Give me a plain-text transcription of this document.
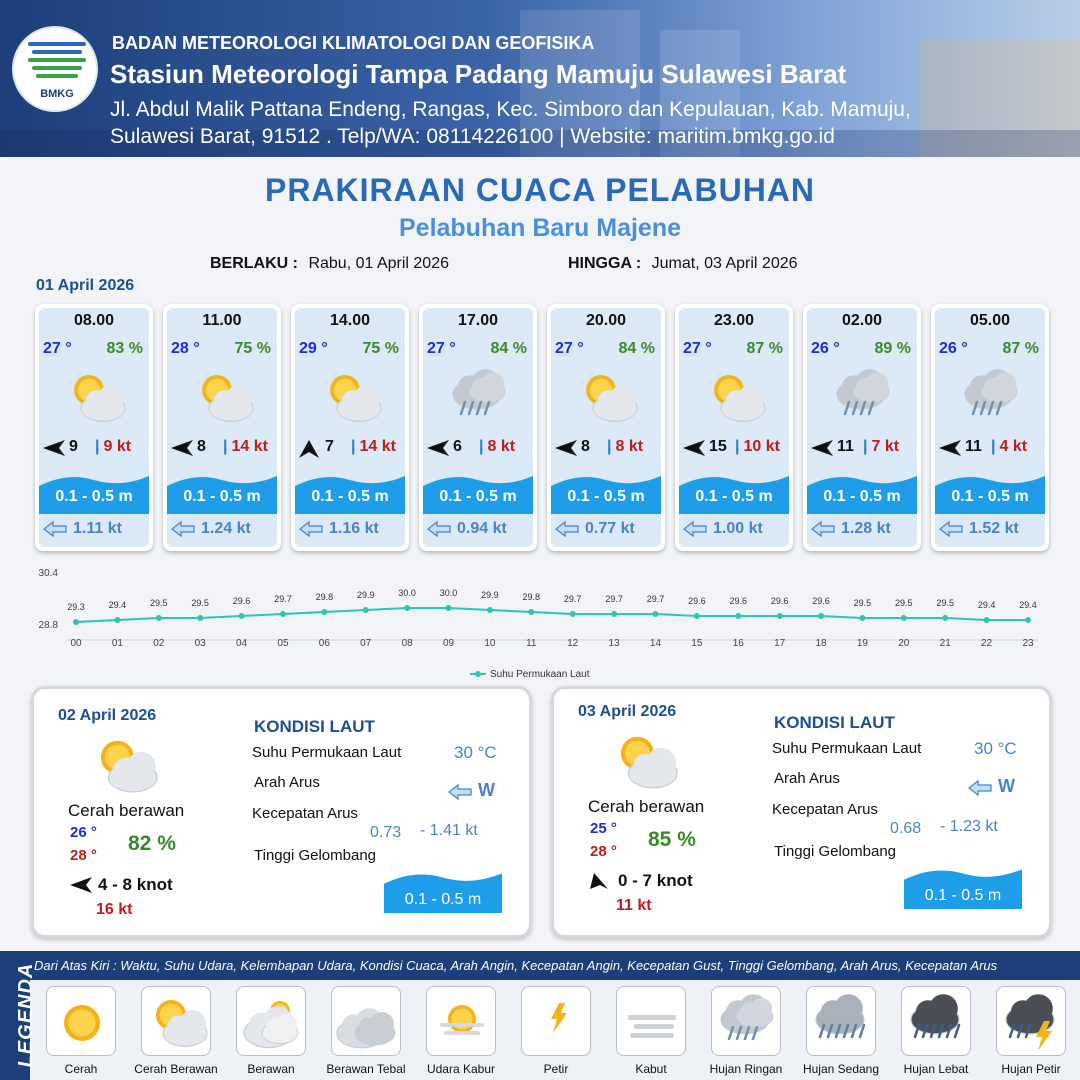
BMKG
BADAN METEOROLOGI KLIMATOLOGI DAN GEOFISIKA
Stasiun Meteorologi Tampa Padang Mamuju Sulawesi Barat
Jl. Abdul Malik Pattana Endeng, Rangas, Kec. Simboro dan Kepulauan, Kab. Mamuju,
Sulawesi Barat, 91512 . Telp/WA: 08114226100 | Website: maritim.bmkg.go.id
PRAKIRAAN CUACA PELABUHAN
Pelabuhan Baru Majene
BERLAKU : Rabu, 01 April 2026	HINGGA : Jumat, 03 April 2026
01 April 2026
08.00
27 ° 83 %
9 | 9 kt
0.1 - 0.5 m
1.11 kt
11.00
28 ° 75 %
8 | 14 kt
0.1 - 0.5 m
1.24 kt
14.00
29 ° 75 %
7 | 14 kt
0.1 - 0.5 m
1.16 kt
17.00
27 ° 84 %
6 | 8 kt
0.1 - 0.5 m
0.94 kt
20.00
27 ° 84 %
8 | 8 kt
0.1 - 0.5 m
0.77 kt
23.00
27 ° 87 %
15 | 10 kt
0.1 - 0.5 m
1.00 kt
02.00
26 ° 89 %
11 | 7 kt
0.1 - 0.5 m
1.28 kt
05.00
26 ° 87 %
11 | 4 kt
0.1 - 0.5 m
1.52 kt
30.4
28.8
29.3
00
29.4
01
29.5
02
29.5
03
29.6
04
29.7
05
29.8
06
29.9
07
30.0
08
30.0
09
29.9
10
29.8
11
29.7
12
29.7
13
29.7
14
29.6
15
29.6
16
29.6
17
29.6
18
29.5
19
29.5
20
29.5
21
29.4
22
29.4
23
Suhu Permukaan Laut
02 April 2026
Cerah berawan
26 °
28 °
82 %
4 - 8 knot
16 kt
KONDISI LAUT
Suhu Permukaan Laut	30 °C
Arah Arus	W
Kecepatan Arus
0.73 - 1.41 kt
Tinggi Gelombang
0.1 - 0.5 m
03 April 2026
Cerah berawan
25 °
28 °
85 %
0 - 7 knot
11 kt
KONDISI LAUT
Suhu Permukaan Laut	30 °C
Arah Arus	W
Kecepatan Arus
0.68 - 1.23 kt
Tinggi Gelombang
0.1 - 0.5 m
LEGENDA
Dari Atas Kiri : Waktu, Suhu Udara, Kelembapan Udara, Kondisi Cuaca, Arah Angin, Kecepatan Angin, Kecepatan Gust, Tinggi Gelombang, Arah Arus, Kecepatan Arus
Cerah	Cerah Berawan	Berawan	Berawan Tebal	Udara Kabur	Petir	Kabut	Hujan Ringan	Hujan Sedang	Hujan Lebat	Hujan Petir
